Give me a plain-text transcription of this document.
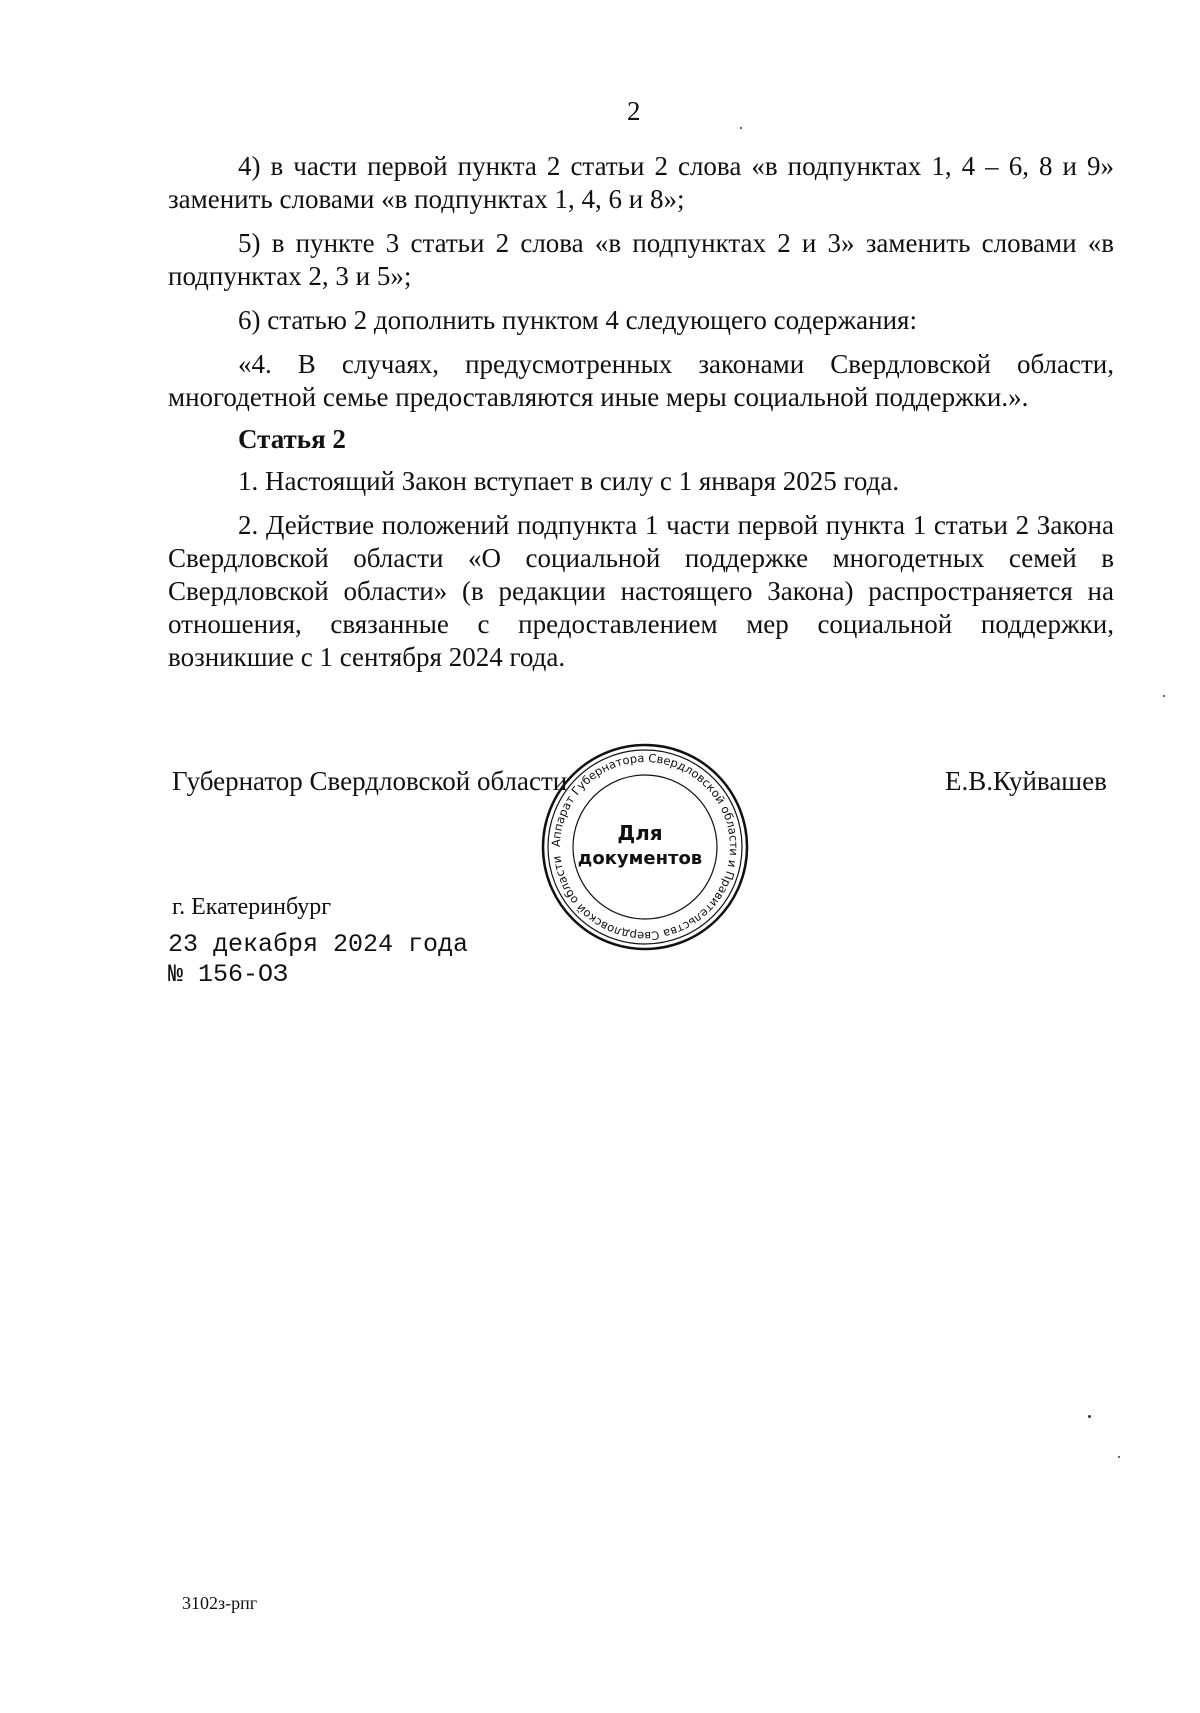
2

4) в части первой пункта 2 статьи 2 слова «в подпунктах 1, 4 – 6, 8 и 9» заменить словами «в подпунктах 1, 4, 6 и 8»;

5) в пункте 3 статьи 2 слова «в подпунктах 2 и 3» заменить словами «в подпунктах 2, 3 и 5»;

6) статью 2 дополнить пунктом 4 следующего содержания:

«4. В случаях, предусмотренных законами Свердловской области, многодетной семье предоставляются иные меры социальной поддержки.».

Статья 2

1. Настоящий Закон вступает в силу с 1 января 2025 года.

2. Действие положений подпункта 1 части первой пункта 1 статьи 2 Закона Свердловской области «О социальной поддержке многодетных семей в Свердловской области» (в редакции настоящего Закона) распространяется на отношения, связанные с предоставлением мер социальной поддержки, возникшие с 1 сентября 2024 года.

Губернатор Свердловской области	Е.В.Куйвашев
Аппарат Губернатора Свердловской области и Правительства Свердловской области
Для
документов
г. Екатеринбург
23 декабря 2024 года
№ 156-ОЗ
3102з-рпг
